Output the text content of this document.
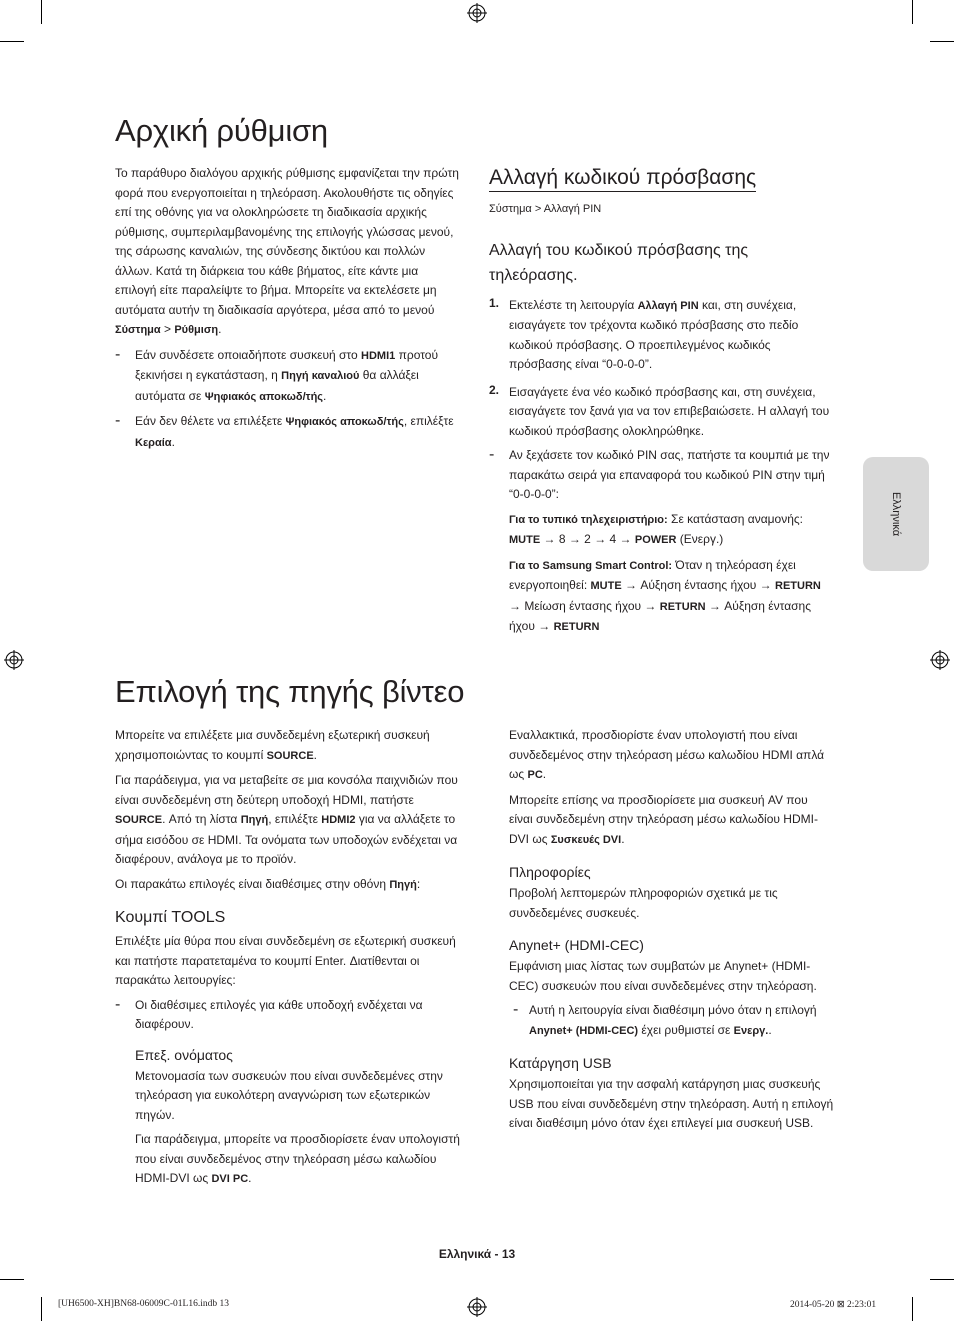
Αρχική ρύθμιση

Το παράθυρο διαλόγου αρχικής ρύθμισης εμφανίζεται την πρώτη φορά που ενεργοποιείται η τηλεόραση. Ακολουθήστε τις οδηγίες επί της οθόνης για να ολοκληρώσετε τη διαδικασία αρχικής ρύθμισης, συμπεριλαμβανομένης της επιλογής γλώσσας μενού, της σάρωσης καναλιών, της σύνδεσης δικτύου και πολλών άλλων. Κατά τη διάρκεια του κάθε βήματος, είτε κάντε μια επιλογή είτε παραλείψτε το βήμα. Μπορείτε να εκτελέσετε μη αυτόματα αυτήν τη διαδικασία αργότερα, μέσα από το μενού Σύστημα > Ρύθμιση.

- Εάν συνδέσετε οποιαδήποτε συσκευή στο HDMI1 προτού ξεκινήσει η εγκατάσταση, η Πηγή καναλιού θα αλλάξει αυτόματα σε Ψηφιακός αποκωδ/τής.

- Εάν δεν θέλετε να επιλέξετε Ψηφιακός αποκωδ/τής, επιλέξτε Κεραία.

Αλλαγή κωδικού πρόσβασης

Σύστημα > Αλλαγή PIN

Αλλαγή του κωδικού πρόσβασης της τηλεόρασης.
1. Εκτελέστε τη λειτουργία Αλλαγή PIN και, στη συνέχεια, εισαγάγετε τον τρέχοντα κωδικό πρόσβασης στο πεδίο κωδικού πρόσβασης. Ο προεπιλεγμένος κωδικός πρόσβασης είναι “0-0-0-0”.

2. Εισαγάγετε ένα νέο κωδικό πρόσβασης και, στη συνέχεια, εισαγάγετε τον ξανά για να τον επιβεβαιώσετε. Η αλλαγή του κωδικού πρόσβασης ολοκληρώθηκε.

- Αν ξεχάσετε τον κωδικό PIN σας, πατήστε τα κουμπιά με την παρακάτω σειρά για επαναφορά του κωδικού PIN στην τιμή “0-0-0-0”:

Για το τυπικό τηλεχειριστήριο: Σε κατάσταση αναμονής:
MUTE → 8 → 2 → 4 → POWER (Ενεργ.)

Για το Samsung Smart Control: Όταν η τηλεόραση έχει ενεργοποιηθεί: MUTE → Αύξηση έντασης ήχου → RETURN → Μείωση έντασης ήχου → RETURN → Αύξηση έντασης ήχου → RETURN

Ελληνικά
Επιλογή της πηγής βίντεο

Μπορείτε να επιλέξετε μια συνδεδεμένη εξωτερική συσκευή χρησιμοποιώντας το κουμπί SOURCE.

Για παράδειγμα, για να μεταβείτε σε μια κονσόλα παιχνιδιών που είναι συνδεδεμένη στη δεύτερη υποδοχή HDMI, πατήστε SOURCE. Από τη λίστα Πηγή, επιλέξτε HDMI2 για να αλλάξετε το σήμα εισόδου σε HDMI. Τα ονόματα των υποδοχών ενδέχεται να διαφέρουν, ανάλογα με το προϊόν.

Οι παρακάτω επιλογές είναι διαθέσιμες στην οθόνη Πηγή:

Κουμπί TOOLS

Επιλέξτε μία θύρα που είναι συνδεδεμένη σε εξωτερική συσκευή και πατήστε παρατεταμένα το κουμπί Enter. Διατίθενται οι παρακάτω λειτουργίες:

- Οι διαθέσιμες επιλογές για κάθε υποδοχή ενδέχεται να διαφέρουν.

Επεξ. ονόματος

Μετονομασία των συσκευών που είναι συνδεδεμένες στην τηλεόραση για ευκολότερη αναγνώριση των εξωτερικών πηγών.

Για παράδειγμα, μπορείτε να προσδιορίσετε έναν υπολογιστή που είναι συνδεδεμένος στην τηλεόραση μέσω καλωδίου HDMI-DVI ως DVI PC.

Εναλλακτικά, προσδιορίστε έναν υπολογιστή που είναι συνδεδεμένος στην τηλεόραση μέσω καλωδίου HDMI απλά ως PC.

Μπορείτε επίσης να προσδιορίσετε μια συσκευή AV που είναι συνδεδεμένη στην τηλεόραση μέσω καλωδίου HDMI-DVI ως Συσκευές DVI.

Πληροφορίες

Προβολή λεπτομερών πληροφοριών σχετικά με τις συνδεδεμένες συσκευές.

Anynet+ (HDMI-CEC)

Εμφάνιση μιας λίστας των συμβατών με Anynet+ (HDMI-CEC) συσκευών που είναι συνδεδεμένες στην τηλεόραση.

- Αυτή η λειτουργία είναι διαθέσιμη μόνο όταν η επιλογή Anynet+ (HDMI-CEC) έχει ρυθμιστεί σε Ενεργ..

Κατάργηση USB

Χρησιμοποιείται για την ασφαλή κατάργηση μιας συσκευής USB που είναι συνδεδεμένη στην τηλεόραση. Αυτή η επιλογή είναι διαθέσιμη μόνο όταν έχει επιλεγεί μια συσκευή USB.

Ελληνικά - 13
[UH6500-XH]BN68-06009C-01L16.indb 13	2014-05-20 ⊠ 2:23:01
